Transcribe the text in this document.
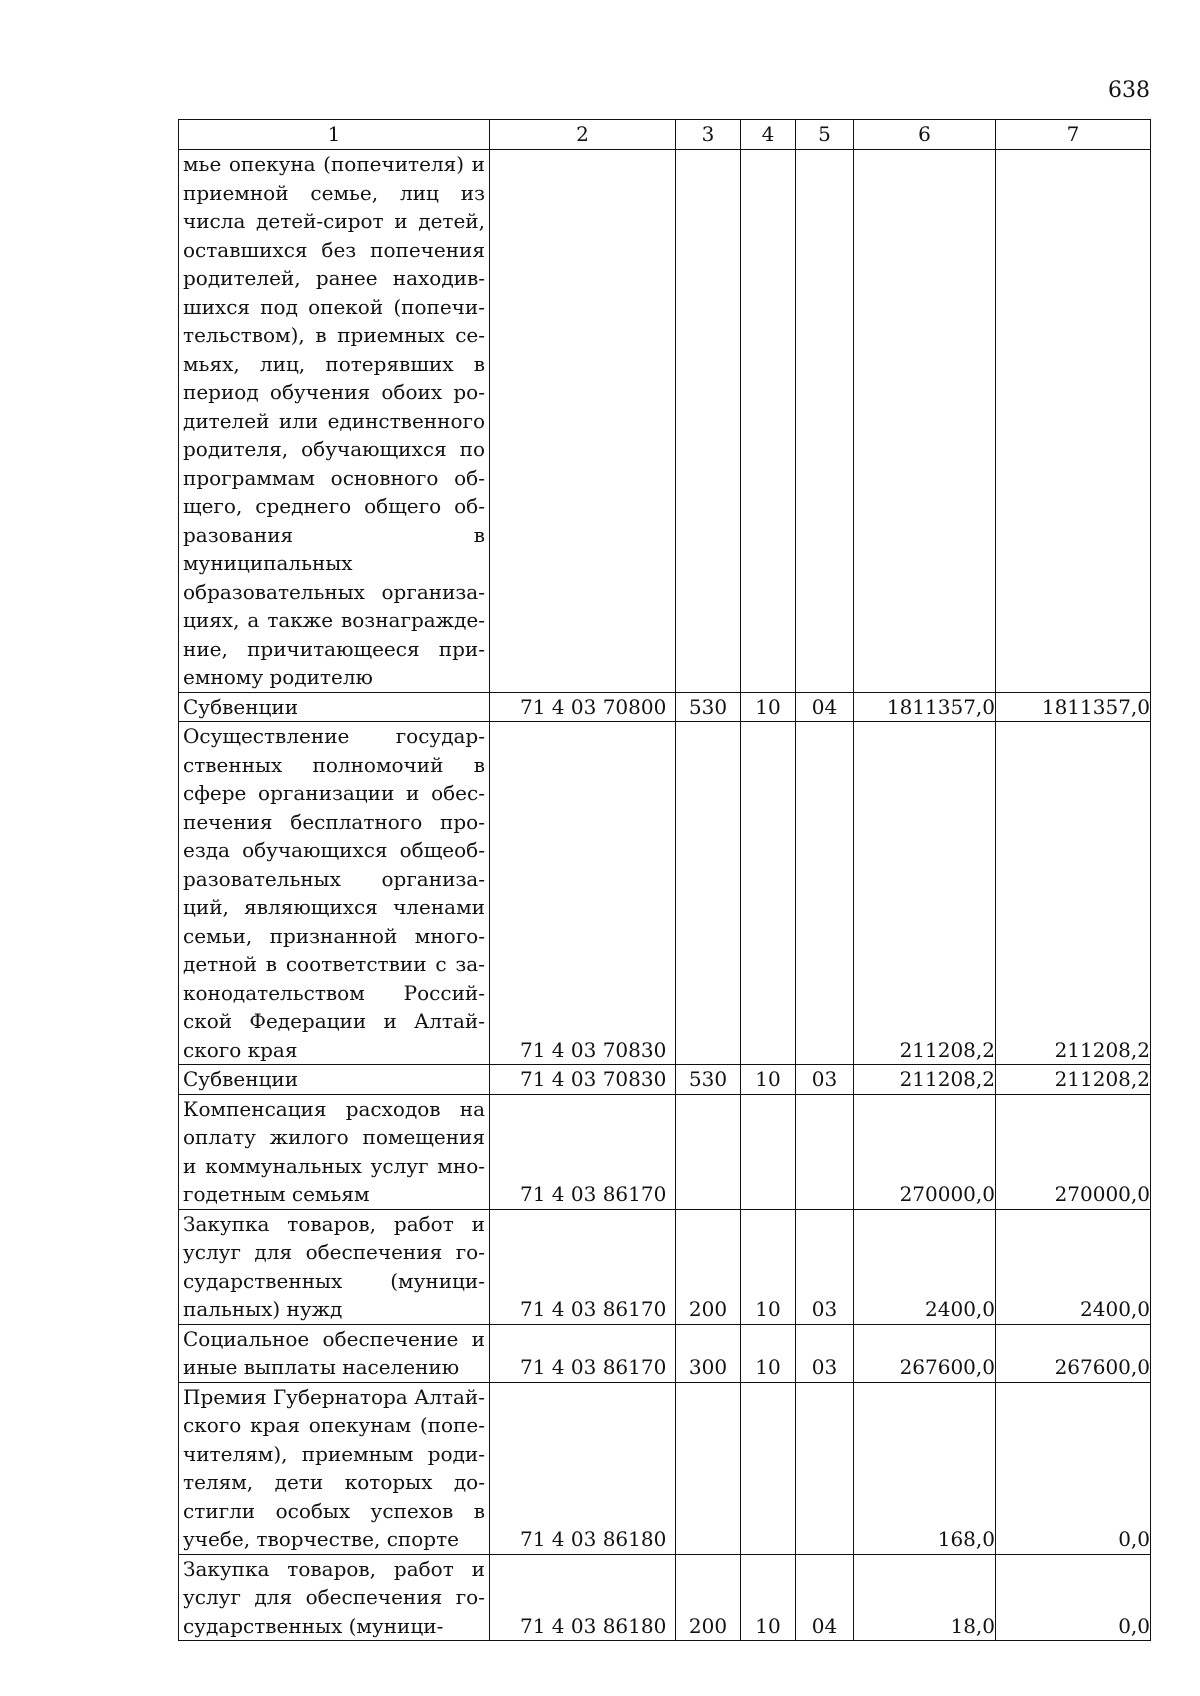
638
1	2	3	4	5	6	7
мье опекуна (попечителя) и приемной семье, лиц из числа детей-сирот и детей, оставшихся без попечения родителей, ранее находившихся под опекой (попечительством), в приемных семьях, лиц, потерявших в период обучения обоих родителей или единственного родителя, обучающихся по программам основного общего, среднего общего образования в муниципальных образовательных организациях, а также вознаграждение, причитающееся приемному родителю						
Субвенции	71 4 03 70800	530	10	04	1811357,0	1811357,0
Осуществление государственных полномочий в сфере организации и обеспечения бесплатного проезда обучающихся общеобразовательных организаций, являющихся членами семьи, признанной многодетной в соответствии с законодательством Российской Федерации и Алтайского края	71 4 03 70830				211208,2	211208,2
Субвенции	71 4 03 70830	530	10	03	211208,2	211208,2
Компенсация расходов на оплату жилого помещения и коммунальных услуг многодетным семьям	71 4 03 86170				270000,0	270000,0
Закупка товаров, работ и услуг для обеспечения государственных (муниципальных) нужд	71 4 03 86170	200	10	03	2400,0	2400,0
Социальное обеспечение и иные выплаты населению	71 4 03 86170	300	10	03	267600,0	267600,0
Премия Губернатора Алтайского края опекунам (попечителям), приемным родителям, дети которых достигли особых успехов в учебе, творчестве, спорте	71 4 03 86180				168,0	0,0
Закупка товаров, работ и услуг для обеспечения государственных (муници-	71 4 03 86180	200	10	04	18,0	0,0
